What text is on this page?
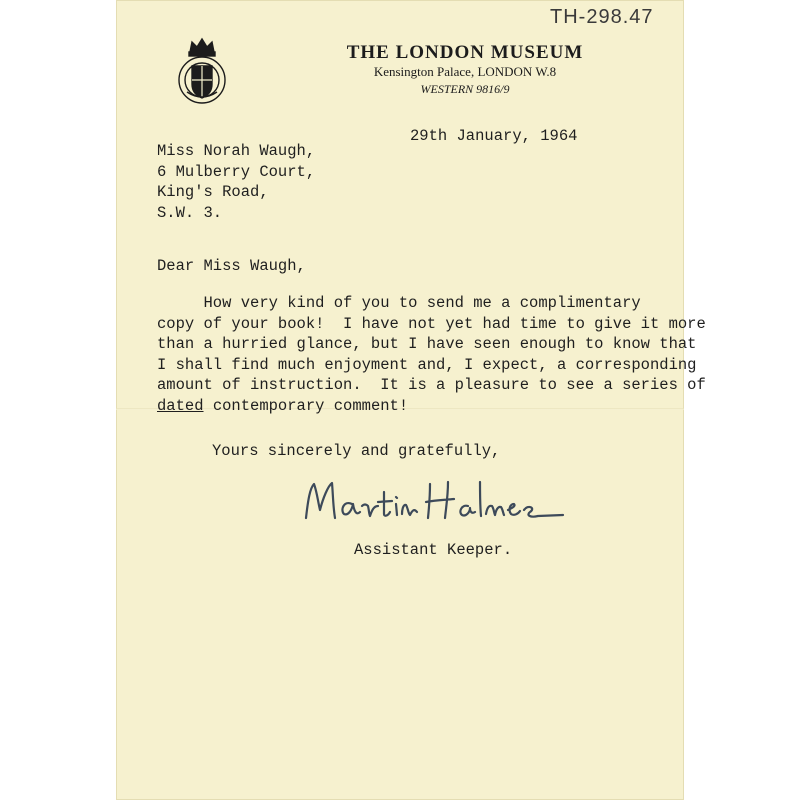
TH-298.47
THE LONDON MUSEUM
Kensington Palace, LONDON W.8
WESTERN 9816/9
29th January, 1964
Miss Norah Waugh,
6 Mulberry Court,
King's Road,
S.W. 3.
Dear Miss Waugh,
How very kind of you to send me a complimentary
copy of your book!  I have not yet had time to give it more
than a hurried glance, but I have seen enough to know that
I shall find much enjoyment and, I expect, a corresponding
amount of instruction.  It is a pleasure to see a series of
dated contemporary comment!
Yours sincerely and gratefully,
Assistant Keeper.
